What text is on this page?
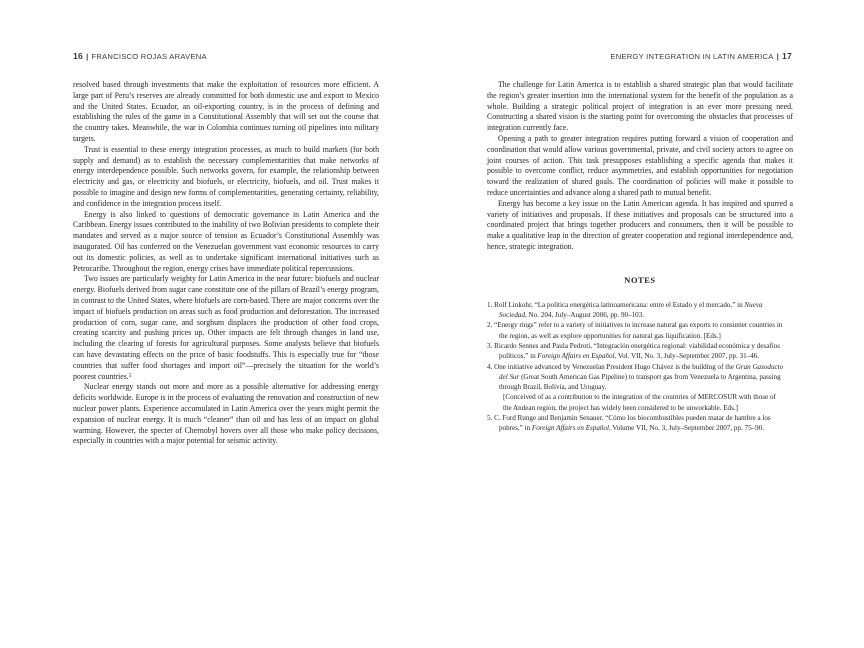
16 | FRANCISCO ROJAS ARAVENA

resolved based through investments that make the exploitation of resources more efficient. A large part of Peru’s reserves are already committed for both domestic use and export to Mexico and the United States. Ecuador, an oil-exporting country, is in the process of defining and establishing the rules of the game in a Constitutional Assembly that will set out the course that the country takes. Meanwhile, the war in Colombia continues turning oil pipelines into military targets.

Trust is essential to these energy integration processes, as much to build markets (for both supply and demand) as to establish the necessary complementarities that make networks of energy interdependence possible. Such networks govern, for example, the relationship between electricity and gas, or electricity and biofuels, or electricity, biofuels, and oil. Trust makes it possible to imagine and design new forms of complementarities, generating certainty, reliability, and confidence in the integration process itself.

Energy is also linked to questions of democratic governance in Latin America and the Caribbean. Energy issues contributed to the inability of two Bolivian presidents to complete their mandates and served as a major source of tension as Ecuador’s Constitutional Assembly was inaugurated. Oil has conferred on the Venezuelan government vast economic resources to carry out its domestic policies, as well as to undertake significant international initiatives such as Petrocaribe. Throughout the region, energy crises have immediate political repercussions.

Two issues are particularly weighty for Latin America in the near future: biofuels and nuclear energy. Biofuels derived from sugar cane constitute one of the pillars of Brazil’s energy program, in contrast to the United States, where biofuels are corn-based. There are major concerns over the impact of biofuels production on areas such as food production and deforestation. The increased production of corn, sugar cane, and sorghum displaces the production of other food crops, creating scarcity and pushing prices up. Other impacts are felt through changes in land use, including the clearing of forests for agricultural purposes. Some analysts believe that biofuels can have devastating effects on the price of basic foodstuffs. This is especially true for “those countries that suffer food shortages and import oil”—precisely the situation for the world’s poorest countries.⁵

Nuclear energy stands out more and more as a possible alternative for addressing energy deficits worldwide. Europe is in the process of evaluating the renovation and construction of new nuclear power plants. Experience accumulated in Latin America over the years might permit the expansion of nuclear energy. It is much “cleaner” than oil and has less of an impact on global warming. However, the specter of Chernobyl hovers over all those who make policy decisions, especially in countries with a major potential for seismic activity.

ENERGY INTEGRATION IN LATIN AMERICA | 17

The challenge for Latin America is to establish a shared strategic plan that would facilitate the region’s greater insertion into the international system for the benefit of the population as a whole. Building a strategic political project of integration is an ever more pressing need. Constructing a shared vision is the starting point for overcoming the obstacles that processes of integration currently face.

Opening a path to greater integration requires putting forward a vision of cooperation and coordination that would allow various governmental, private, and civil society actors to agree on joint courses of action. This task presupposes establishing a specific agenda that makes it possible to overcome conflict, reduce asymmetries, and establish opportunities for negotiation toward the realization of shared goals. The coordination of policies will make it possible to reduce uncertainties and advance along a shared path to mutual benefit.

Energy has become a key issue on the Latin American agenda. It has inspired and spurred a variety of initiatives and proposals. If these initiatives and proposals can be structured into a coordinated project that brings together producers and consumers, then it will be possible to make a qualitative leap in the direction of greater cooperation and regional interdependence and, hence, strategic integration.

NOTES
1. Rolf Linkohr, “La política energética latinoamericana: entre el Estado y el mercado,” in Nueva Sociedad, No. 204, July–August 2006, pp. 90–103.
2. “Energy rings” refer to a variety of initiatives to increase natural gas exports to consumer countries in the region, as well as explore opportunities for natural gas liquification. [Eds.]
3. Ricardo Sennes and Paula Pedroti, “Integración energética regional: viabilidad económica y desafíos políticos,” in Foreign Affairs en Español, Vol. VII, No. 3, July–September 2007, pp. 31–46.
4. One initiative advanced by Venezuelan President Hugo Chávez is the building of the Gran Gasoducto del Sur (Great South American Gas Pipeline) to transport gas from Venezuela to Argentina, passing through Brazil, Bolivia, and Uruguay.
[Conceived of as a contribution to the integration of the countries of MERCOSUR with those of the Andean region, the project has widely been considered to be unworkable. Eds.]
5. C. Ford Runge and Benjamin Senauer. “Cómo los biocombustibles pueden matar de hambre a los pobres,” in Foreign Affairs en Español, Volume VII, No. 3, July–September 2007, pp. 75–90.
